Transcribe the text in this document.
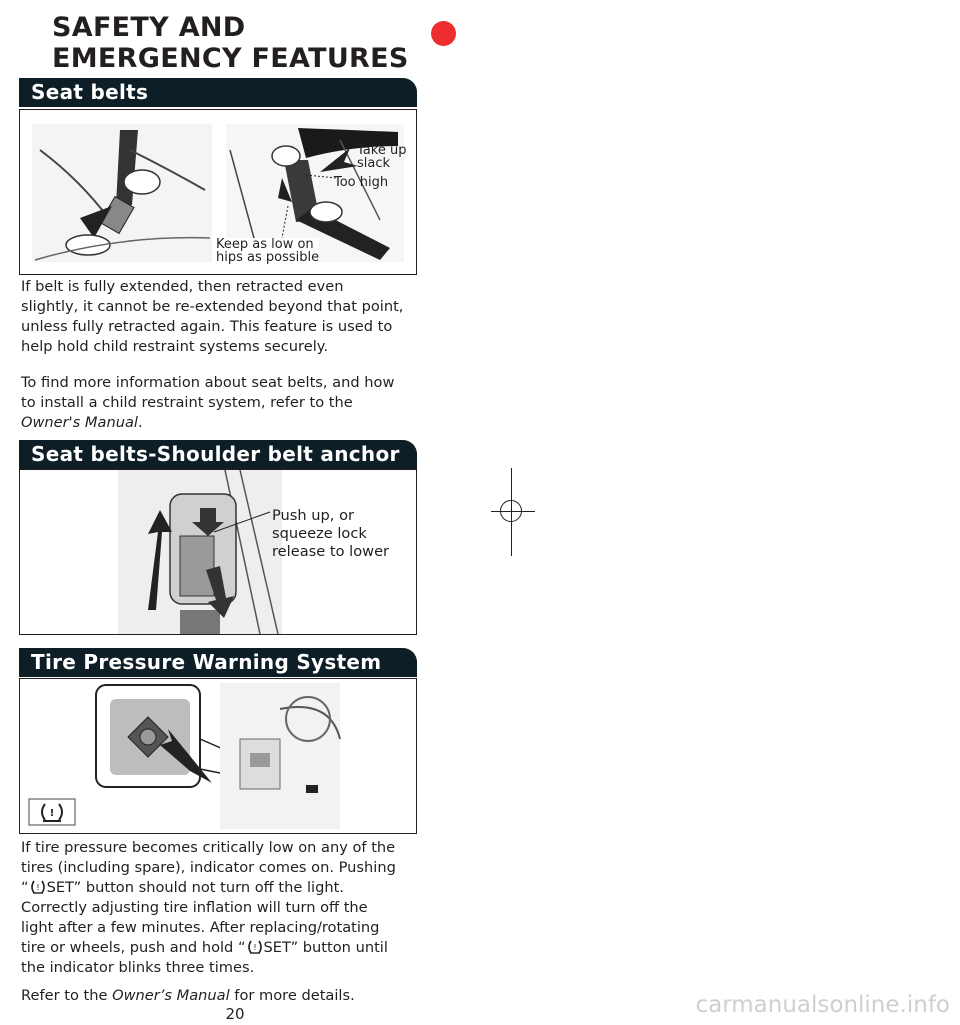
SAFETY AND
EMERGENCY FEATURES
Seat belts
Take up
slack
Too high
Keep as low on
hips as possible

If belt is fully extended, then retracted even

slightly, it cannot be re-extended beyond that point,

unless fully retracted again. This feature is used to

help hold child restraint systems securely.

To find more information about seat belts, and how

to install a child restraint system, refer to the

Owner's Manual.

Seat belts-Shoulder belt anchor
Push up, or
squeeze lock
release to lower
Tire Pressure Warning System
!

If tire pressure becomes critically low on any of the

tires (including spare), indicator comes on. Pushing

“ ! SET” button should not turn off the light.

Correctly adjusting tire inflation will turn off the

light after a few minutes. After replacing/rotating

tire or wheels, push and hold “ ! SET” button until

the indicator blinks three times.

Refer to the Owner’s Manual for more details.

20	carmanualsonline.info
